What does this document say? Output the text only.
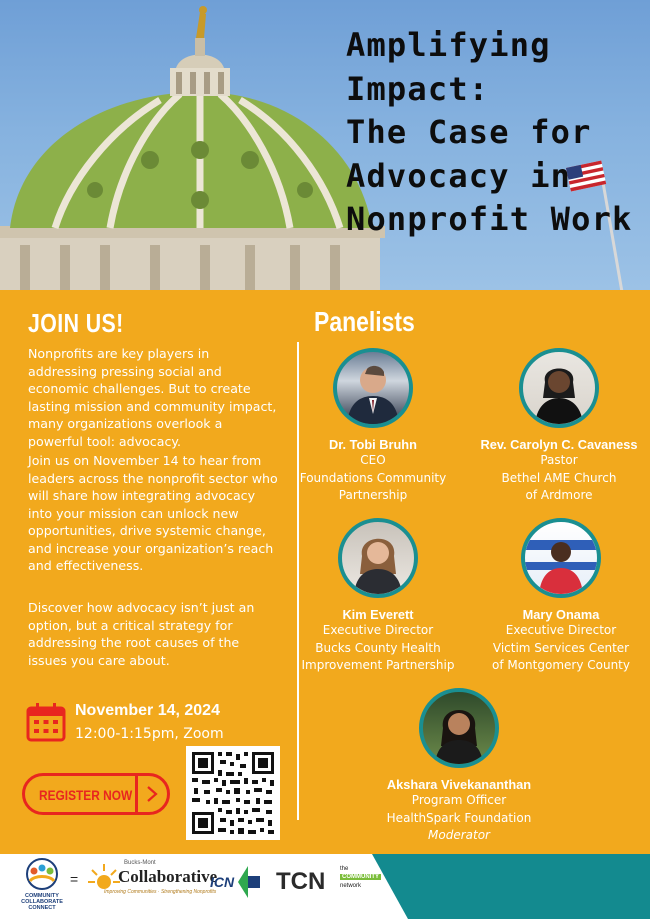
Amplifying
Impact:
The Case for
Advocacy in
Nonprofit Work
JOIN US!

Nonprofits are key players in addressing pressing social and economic challenges. But to create lasting mission and community impact, many organizations overlook a powerful tool: advocacy.

Join us on November 14 to hear from leaders across the nonprofit sector who will share how integrating advocacy into your mission can unlock new opportunities, drive systemic change, and increase your organization’s reach and effectiveness.

Discover how advocacy isn’t just an option, but a critical strategy for addressing the root causes of the issues you care about.

November 14, 2024
12:00-1:15pm, Zoom
REGISTER NOW
Panelists
Dr. Tobi Bruhn
CEO
Foundations Community
Partnership
Rev. Carolyn C. Cavaness
Pastor
Bethel AME Church
of Ardmore
Kim Everett
Executive Director
Bucks County Health
Improvement Partnership
Mary Onama
Executive Director
Victim Services Center
of Montgomery County
Akshara Vivekananthan
Program Officer
HealthSpark Foundation
Moderator
COMMUNITY COLLABORATE CONNECT
=
Bucks-Mont
Collaborative
Improving Communities · Strengthening Nonprofits
ICN TCN the
COMMUNITY
network
